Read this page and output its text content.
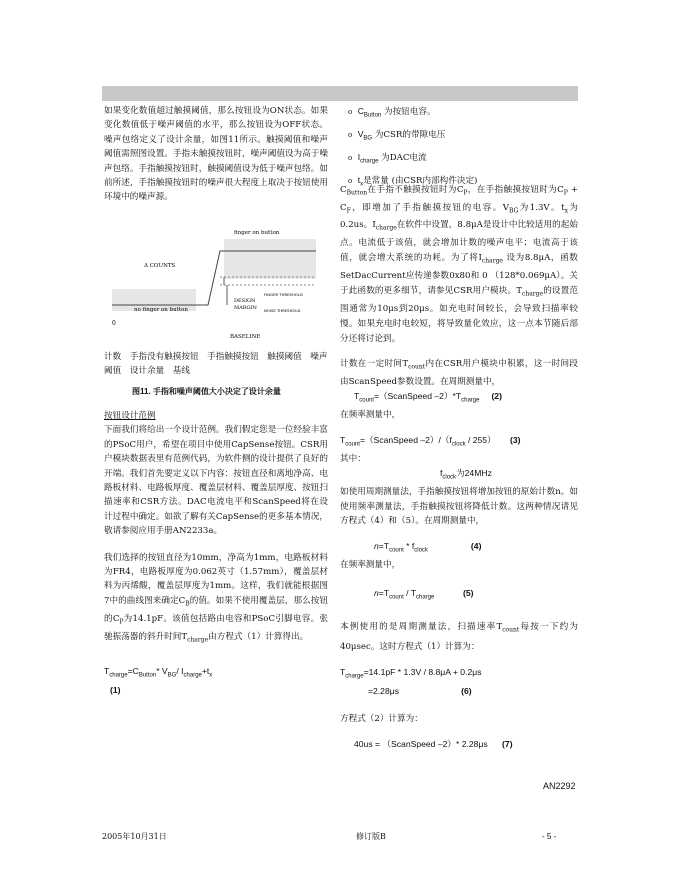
如果变化数值超过触摸阈值，那么按钮设为ON状态。如果变化数值低于噪声阈值的水平，那么按钮设为OFF状态。噪声包络定义了设计余量，如图11所示。触摸阈值和噪声阈值需照图设置。手指未触摸按钮时，噪声阈值设为高于噪声包络。手指触摸按钮时，触摸阈值设为低于噪声包络。如前所述，手指触摸按钮时的噪声很大程度上取决于按钮使用环境中的噪声源。

finger on button
Δ COUNTS
FINGER THRESHOLD
DESIGN
MARGIN NOISE THRESHOLD
no finger on button
0
BASELINE

计数　手指没有触摸按钮　手指触摸按钮　触摸阈值　噪声阈值　设计余量　基线

图11. 手指和噪声阈值大小决定了设计余量

按钮设计范例

下面我们将给出一个设计范例。我们假定您是一位经验丰富的PSoC用户，希望在项目中使用CapSense按钮。CSR用户模块数据表里有范例代码，为软件侧的设计提供了良好的开端。我们首先要定义以下内容：按钮直径和离地净高、电路板材料、电路板厚度、覆盖层材料、覆盖层厚度、按钮扫描速率和CSR方法。DAC电流电平和ScanSpeed将在设计过程中确定。如欲了解有关CapSense的更多基本情况，敬请参阅应用手册AN2233a。

我们选择的按钮直径为10mm，净高为1mm，电路板材料为FR4，电路板厚度为0.062英寸（1.57mm），覆盖层材料为丙烯酸，覆盖层厚度为1mm。这样，我们就能根据图7中的曲线图来确定$C_B$的值。如果不使用覆盖层，那么按钮的$C_P$为14.1pF。该值包括路由电容和PSoC引脚电容。张驰振荡器的斜升时间$T_{charge}$由方程式（1）计算得出。

$T_{charge}=C_{Button}*$ $V_{BG}/$ $I_{charge}+t_x$

(1)

o $C_{Button}$ 为按钮电容。

o $V_{BG}$ 为CSR的带隙电压

o $I_{charge}$ 为DAC电流

o $t_x$是常量 (由CSR内部构件决定)

$C_{Button}$在手指不触摸按钮时为$C_P$，在手指触摸按钮时为$C_P + C_F$，即增加了手指触摸按钮的电容。$V_{BG}$为1.3V。$t_x$为0.2us。$I_{charge}$在软件中设置，8.8μA是设计中比较适用的起始点。电流低于该值，就会增加计数的噪声电平；电流高于该值，就会增大系统的功耗。为了将$I_{charge}$ 设为8.8μA，函数SetDacCurrent应传递参数0x80和 0 （128*0.069μA）。关于此函数的更多细节，请参见CSR用户模块。$T_{charge}$的设置范围通常为10μs到20μs。如充电时间较长，会导致扫描率较慢。如果充电时电较短，将导致量化效应，这一点本节随后部分还将讨论到。

计数在一定时间$T_{count}$内在CSR用户模块中积累，这一时间段由ScanSpeed参数设置。在周期测量中，

$T_{count}=(ScanSpeed$ $-2)*T_{charge}$ (2)

在频率测量中，

$T_{count}=(ScanSpeed$ $-2)/(f_{clock} / 255)$ (3)

其中：

$f_{clock}$为24MHz

如使用周期测量法，手指触摸按钮将增加按钮的原始计数n。如使用频率测量法，手指触摸按钮将降低计数。这两种情况请见方程式（4）和（5）。在周期测量中，

$n=T_{count} * f_{clock}$	(4)

在频率测量中，

$n=T_{count} / T_{charge}$	(5)

本例使用的是周期测量法，扫描速率$T_{count}$每按一下约为40μsec。这时方程式（1）计算为：

$T_{charge}=14.1pF * 1.3V / 8.8\mu A + 0.2\mu s$

=2.28μs	(6)

方程式（2）计算为：

40us = （ScanSpeed –2）* 2.28μs (7)

AN2292
2005年10月31日	修订版B	- 5 -
